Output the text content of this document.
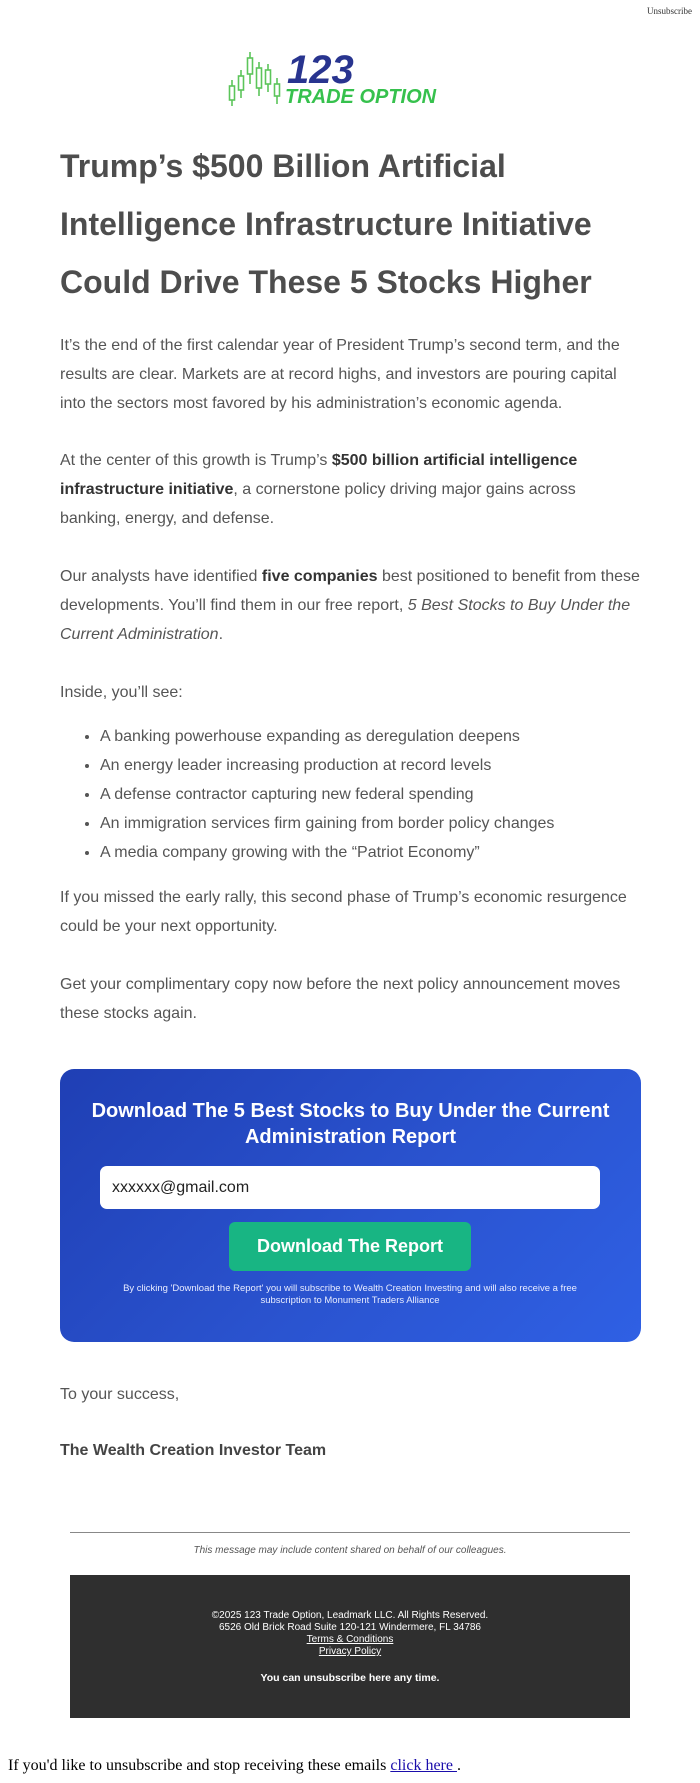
Unsubscribe
123
TRADE OPTION
Trump’s $500 Billion Artificial Intelligence Infrastructure Initiative Could Drive These 5 Stocks Higher

It’s the end of the first calendar year of President Trump’s second term, and the results are clear. Markets are at record highs, and investors are pouring capital into the sectors most favored by his administration’s economic agenda.

At the center of this growth is Trump’s $500 billion artificial intelligence infrastructure initiative, a cornerstone policy driving major gains across banking, energy, and defense.

Our analysts have identified five companies best positioned to benefit from these developments. You’ll find them in our free report, 5 Best Stocks to Buy Under the Current Administration.

Inside, you’ll see:

• A banking powerhouse expanding as deregulation deepens
• An energy leader increasing production at record levels
• A defense contractor capturing new federal spending
• An immigration services firm gaining from border policy changes
• A media company growing with the “Patriot Economy”

If you missed the early rally, this second phase of Trump’s economic resurgence could be your next opportunity.

Get your complimentary copy now before the next policy announcement moves these stocks again.

Download The 5 Best Stocks to Buy Under the Current Administration Report

xxxxxx@gmail.com
Download The Report

By clicking 'Download the Report' you will subscribe to Wealth Creation Investing and will also receive a free subscription to Monument Traders Alliance

To your success,

The Wealth Creation Investor Team

This message may include content shared on behalf of our colleagues.

©2025 123 Trade Option, Leadmark LLC. All Rights Reserved.
6526 Old Brick Road Suite 120-121 Windermere, FL 34786
Terms & Conditions
Privacy Policy
You can unsubscribe here any time.
If you'd like to unsubscribe and stop receiving these emails click here .
